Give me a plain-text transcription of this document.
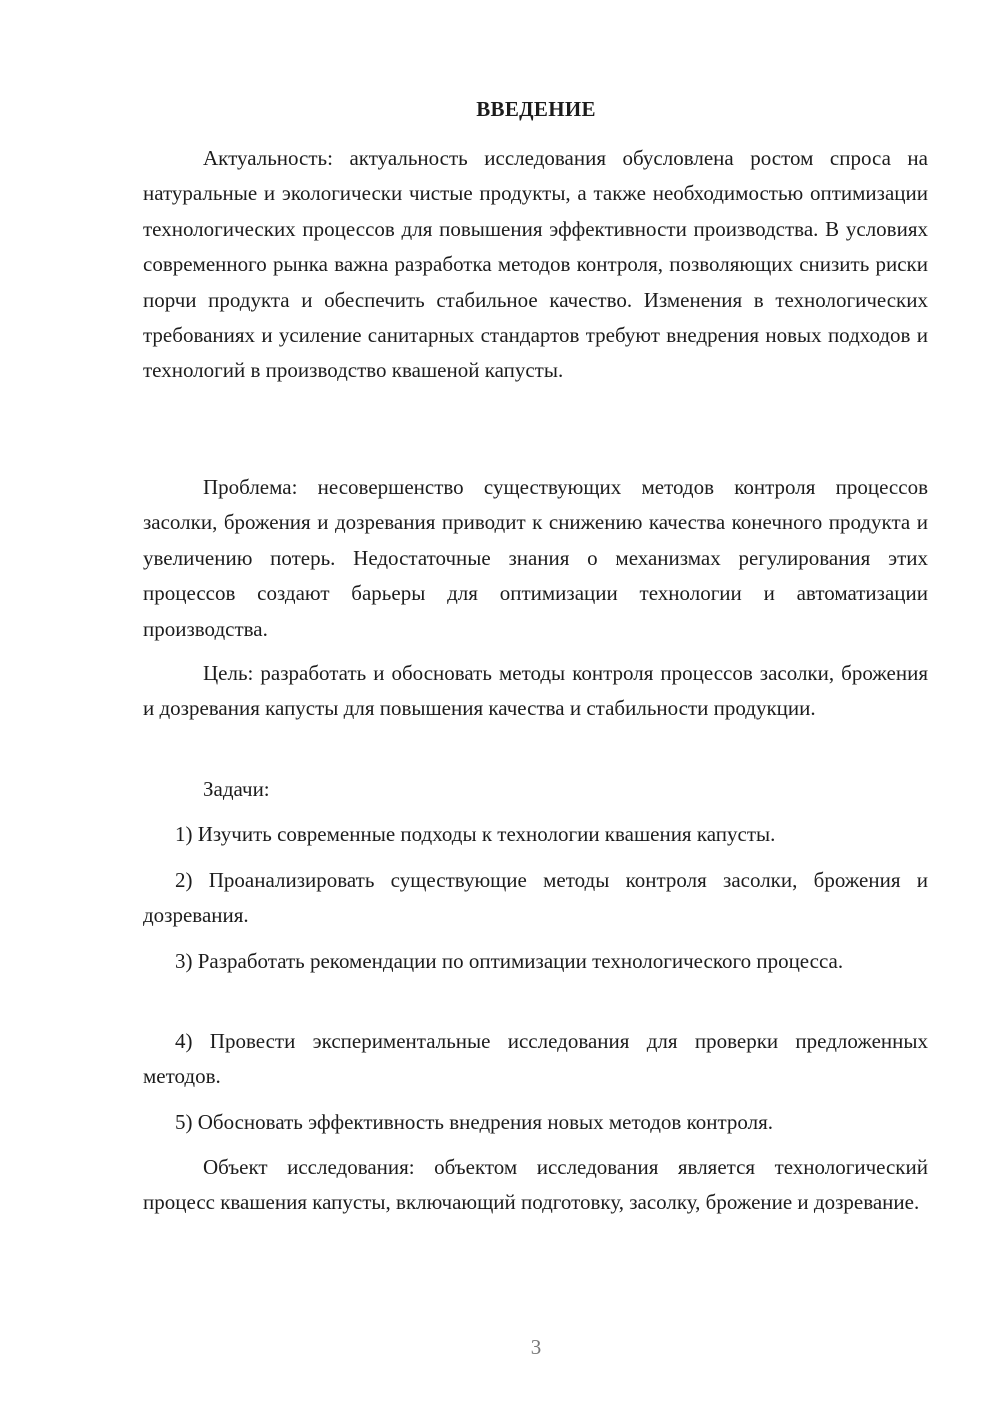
ВВЕДЕНИЕ

Актуальность: актуальность исследования обусловлена ростом спроса на натуральные и экологически чистые продукты, а также необходимостью оптимизации технологических процессов для повышения эффективности производства. В условиях современного рынка важна разработка методов контроля, позволяющих снизить риски порчи продукта и обеспечить стабильное качество. Изменения в технологических требованиях и усиление санитарных стандартов требуют внедрения новых подходов и технологий в производство квашеной капусты.

Проблема: несовершенство существующих методов контроля процессов засолки, брожения и дозревания приводит к снижению качества конечного продукта и увеличению потерь. Недостаточные знания о механизмах регулирования этих процессов создают барьеры для оптимизации технологии и автоматизации производства.

Цель: разработать и обосновать методы контроля процессов засолки, брожения и дозревания капусты для повышения качества и стабильности продукции.

Задачи:

1) Изучить современные подходы к технологии квашения капусты.

2) Проанализировать существующие методы контроля засолки, брожения и дозревания.

3) Разработать рекомендации по оптимизации технологического процесса.

4) Провести экспериментальные исследования для проверки предложенных методов.

5) Обосновать эффективность внедрения новых методов контроля.

Объект исследования: объектом исследования является технологический процесс квашения капусты, включающий подготовку, засолку, брожение и дозревание.

3
